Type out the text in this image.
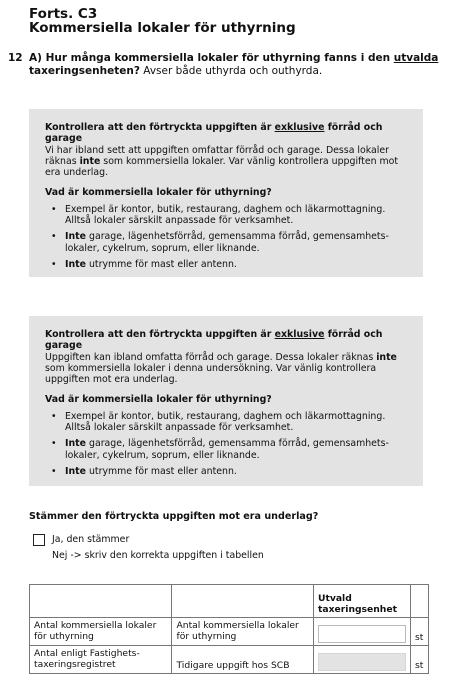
Forts. C3
Kommersiella lokaler för uthyrning
12 A) Hur många kommersiella lokaler för uthyrning fanns i den utvalda taxeringsenheten? Avser både uthyrda och outhyrda.
Kontrollera att den förtryckta uppgiften är exklusive förråd och garage
Vi har ibland sett att uppgiften omfattar förråd och garage. Dessa lokaler räknas inte som kommersiella lokaler. Var vänlig kontrollera uppgiften mot era underlag.
Vad är kommersiella lokaler för uthyrning?
• Exempel är kontor, butik, restaurang, daghem och läkarmottagning. Alltså lokaler särskilt anpassade för verksamhet.
• Inte garage, lägenhetsförråd, gemensamma förråd, gemensamhets-lokaler, cykelrum, soprum, eller liknande.
• Inte utrymme för mast eller antenn.
Kontrollera att den förtryckta uppgiften är exklusive förråd och garage
Uppgiften kan ibland omfatta förråd och garage. Dessa lokaler räknas inte som kommersiella lokaler i denna undersökning. Var vänlig kontrollera uppgiften mot era underlag.
Vad är kommersiella lokaler för uthyrning?
• Exempel är kontor, butik, restaurang, daghem och läkarmottagning. Alltså lokaler särskilt anpassade för verksamhet.
• Inte garage, lägenhetsförråd, gemensamma förråd, gemensamhets-lokaler, cykelrum, soprum, eller liknande.
• Inte utrymme för mast eller antenn.
Stämmer den förtryckta uppgiften mot era underlag?
Ja, den stämmer
Nej -> skriv den korrekta uppgiften i tabellen
		Utvald taxeringsenhet	
Antal kommersiella lokaler för uthyrning	Antal kommersiella lokaler för uthyrning		st
Antal enligt Fastighets-taxeringsregistret	Tidigare uppgift hos SCB		st
